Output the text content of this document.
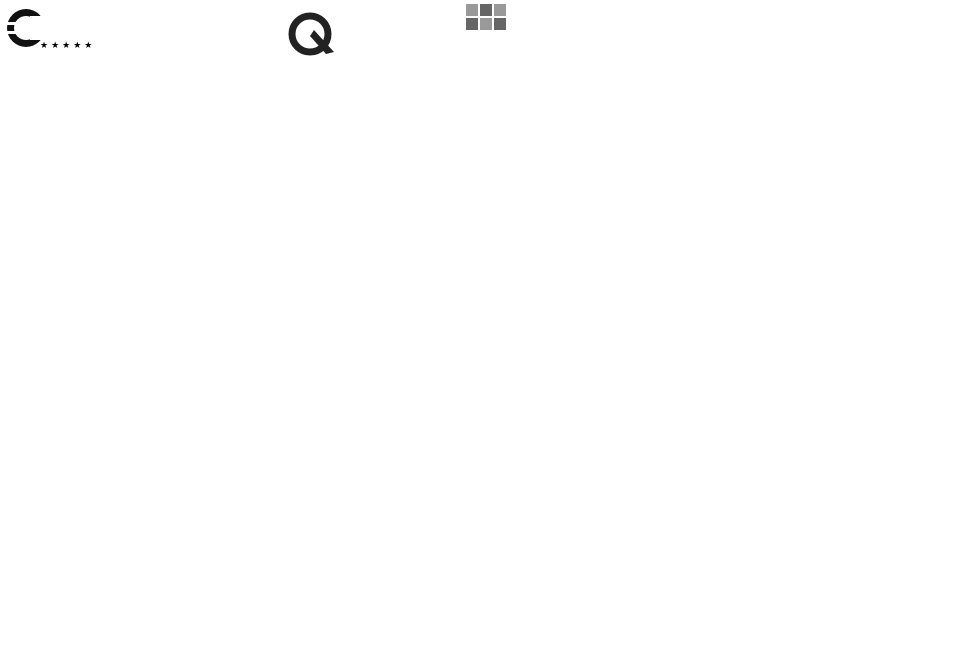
★★★★★
